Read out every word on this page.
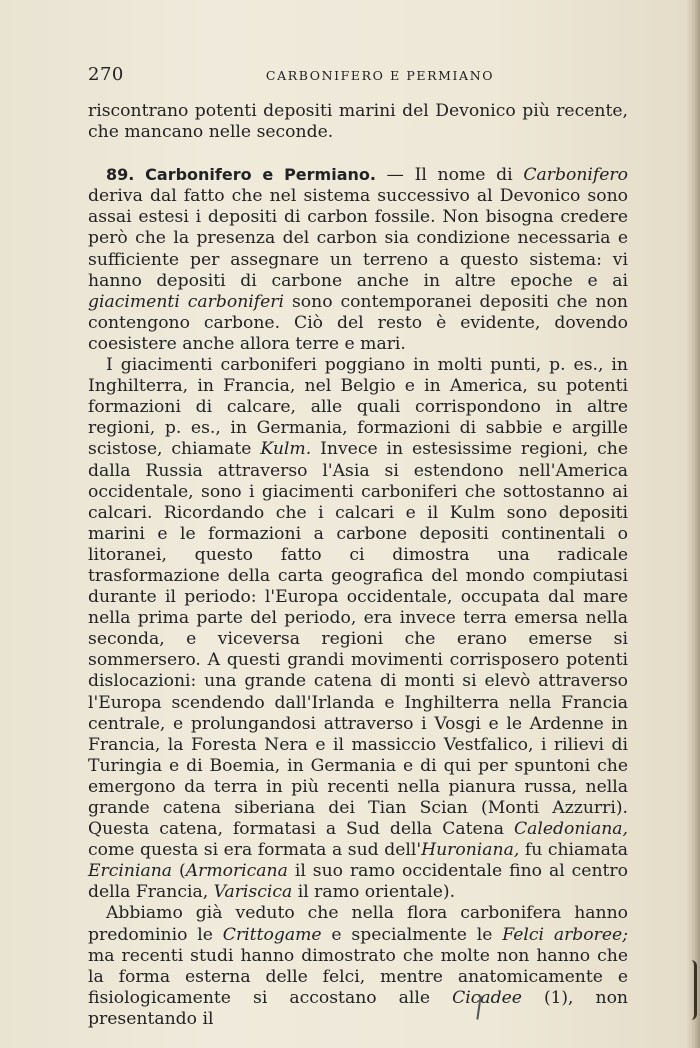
270	CARBONIFERO E PERMIANO

riscontrano potenti depositi marini del Devonico più recente, che mancano nelle seconde.

89. Carbonifero e Permiano. — Il nome di Carbonifero deriva dal fatto che nel sistema successivo al Devonico sono assai estesi i depositi di carbon fossile. Non bisogna credere però che la presenza del carbon sia condizione necessaria e sufficiente per assegnare un terreno a questo sistema: vi hanno depositi di carbone anche in altre epoche e ai giacimenti carboniferi sono contemporanei depositi che non contengono carbone. Ciò del resto è evidente, dovendo coesistere anche allora terre e mari.

I giacimenti carboniferi poggiano in molti punti, p. es., in Inghilterra, in Francia, nel Belgio e in America, su potenti formazioni di calcare, alle quali corrispondono in altre regioni, p. es., in Germania, formazioni di sabbie e argille scistose, chiamate Kulm. Invece in estesissime regioni, che dalla Russia attraverso l'Asia si estendono nell'America occidentale, sono i giacimenti carboniferi che sottostanno ai calcari. Ricordando che i calcari e il Kulm sono depositi marini e le formazioni a carbone depositi continentali o litoranei, questo fatto ci dimostra una radicale trasformazione della carta geografica del mondo compiutasi durante il periodo: l'Europa occidentale, occupata dal mare nella prima parte del periodo, era invece terra emersa nella seconda, e viceversa regioni che erano emerse si sommersero. A questi grandi movimenti corrisposero potenti dislocazioni: una grande catena di monti si elevò attraverso l'Europa scendendo dall'Irlanda e Inghilterra nella Francia centrale, e prolungandosi attraverso i Vosgi e le Ardenne in Francia, la Foresta Nera e il massiccio Vestfalico, i rilievi di Turingia e di Boemia, in Germania e di qui per spuntoni che emergono da terra in più recenti nella pianura russa, nella grande catena siberiana dei Tian Scian (Monti Azzurri). Questa catena, formatasi a Sud della Catena Caledoniana, come questa si era formata a sud dell'Huroniana, fu chiamata Erciniana (Armoricana il suo ramo occidentale fino al centro della Francia, Variscica il ramo orientale).

Abbiamo già veduto che nella flora carbonifera hanno predominio le Crittogame e specialmente le Felci arboree; ma recenti studi hanno dimostrato che molte non hanno che la forma esterna delle felci, mentre anatomicamente e fisiologicamente si accostano alle Cicadee (1), non presentando il
